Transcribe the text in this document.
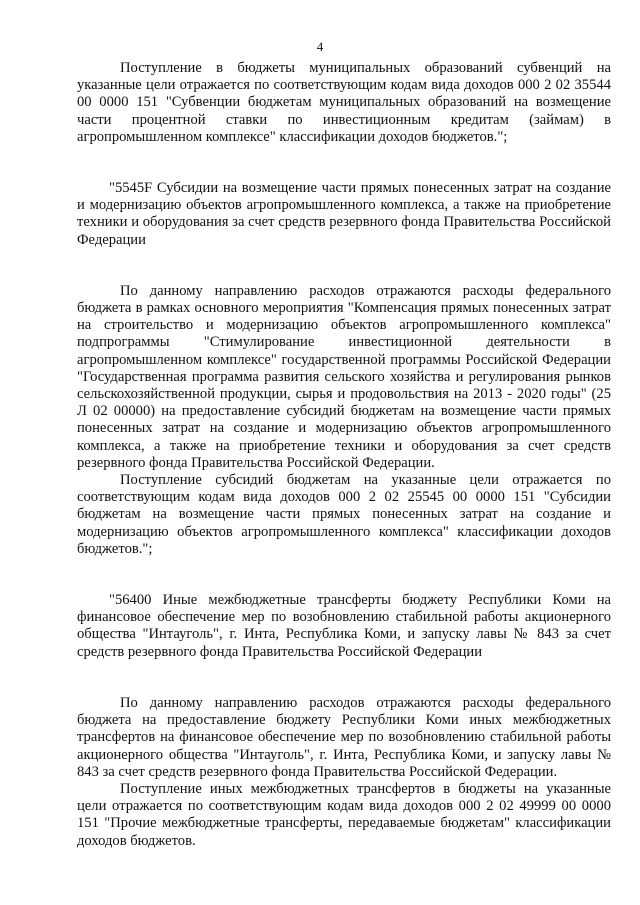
4

Поступление в бюджеты муниципальных образований субвенций на указанные цели отражается по соответствующим кодам вида доходов 000 2 02 35544 00 0000 151 "Субвенции бюджетам муниципальных образований на возмещение части процентной ставки по инвестиционным кредитам (займам) в агропромышленном комплексе" классификации доходов бюджетов.";

"5545F Субсидии на возмещение части прямых понесенных затрат на создание и модернизацию объектов агропромышленного комплекса, а также на приобретение техники и оборудования за счет средств резервного фонда Правительства Российской Федерации

По данному направлению расходов отражаются расходы федерального бюджета в рамках основного мероприятия "Компенсация прямых понесенных затрат на строительство и модернизацию объектов агропромышленного комплекса" подпрограммы "Стимулирование инвестиционной деятельности в агропромышленном комплексе" государственной программы Российской Федерации "Государственная программа развития сельского хозяйства и регулирования рынков сельскохозяйственной продукции, сырья и продовольствия на 2013 - 2020 годы" (25 Л 02 00000) на предоставление субсидий бюджетам на возмещение части прямых понесенных затрат на создание и модернизацию объектов агропромышленного комплекса, а также на приобретение техники и оборудования за счет средств резервного фонда Правительства Российской Федерации.

Поступление субсидий бюджетам на указанные цели отражается по соответствующим кодам вида доходов 000 2 02 25545 00 0000 151 "Субсидии бюджетам на возмещение части прямых понесенных затрат на создание и модернизацию объектов агропромышленного комплекса" классификации доходов бюджетов.";

"56400 Иные межбюджетные трансферты бюджету Республики Коми на финансовое обеспечение мер по возобновлению стабильной работы акционерного общества "Интауголь", г. Инта, Республика Коми, и запуску лавы № 843 за счет средств резервного фонда Правительства Российской Федерации

По данному направлению расходов отражаются расходы федерального бюджета на предоставление бюджету Республики Коми иных межбюджетных трансфертов на финансовое обеспечение мер по возобновлению стабильной работы акционерного общества "Интауголь", г. Инта, Республика Коми, и запуску лавы № 843 за счет средств резервного фонда Правительства Российской Федерации.

Поступление иных межбюджетных трансфертов в бюджеты на указанные цели отражается по соответствующим кодам вида доходов 000 2 02 49999 00 0000 151 "Прочие межбюджетные трансферты, передаваемые бюджетам" классификации доходов бюджетов.
